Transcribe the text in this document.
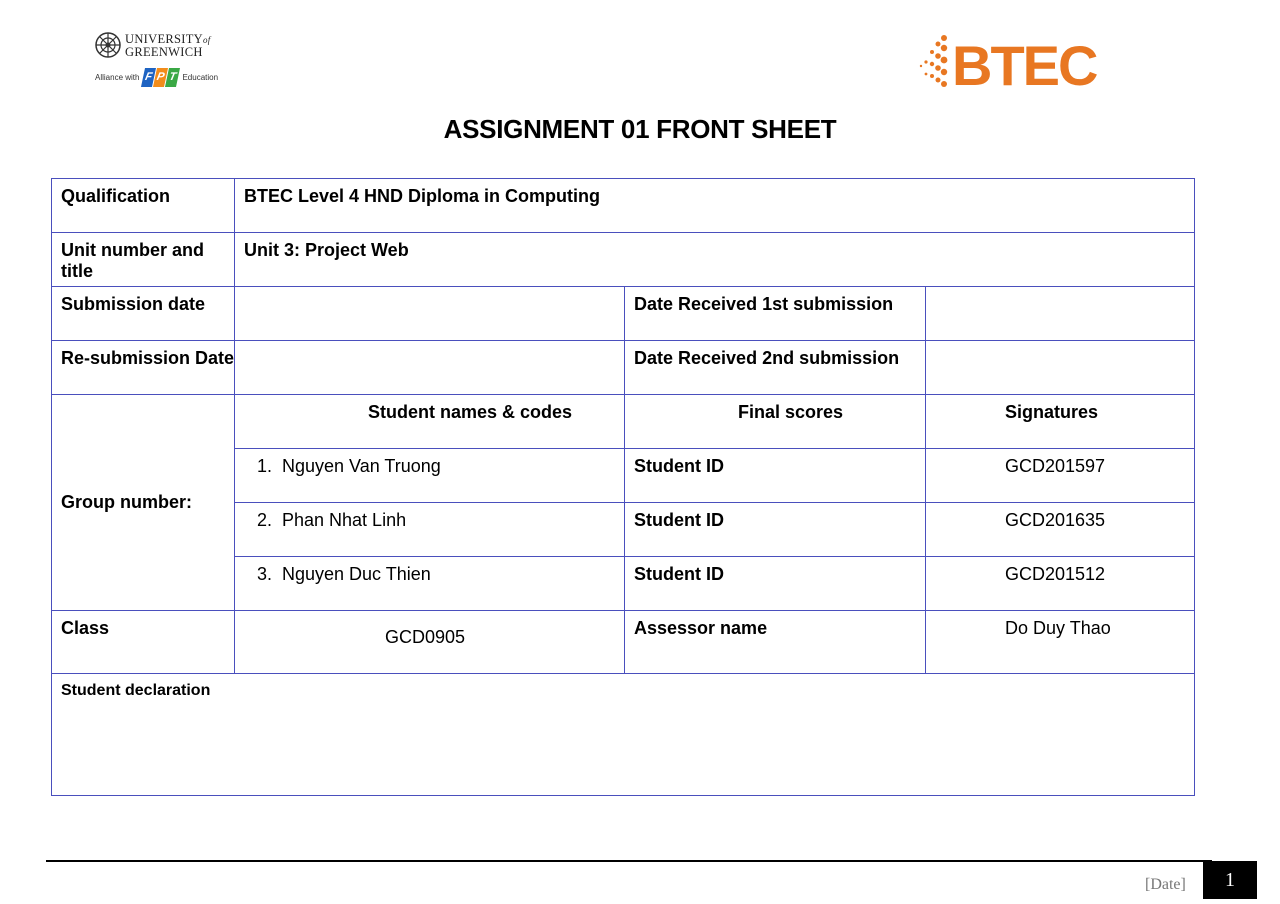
UNIVERSITYof
GREENWICH
Alliance with F P T Education	BTEC
ASSIGNMENT 01 FRONT SHEET
Qualification	BTEC Level 4 HND Diploma in Computing		
Unit number and title	Unit 3: Project Web		
Submission date		Date Received 1st submission	
Re-submission Date		Date Received 2nd submission	
Group number:	Student names & codes	Final scores	Signatures
	1. Nguyen Van Truong	Student ID	GCD201597
	2. Phan Nhat Linh	Student ID	GCD201635
	3. Nguyen Duc Thien	Student ID	GCD201512
Class	GCD0905	Assessor name	Do Duy Thao
Student declaration			
[Date]	1
